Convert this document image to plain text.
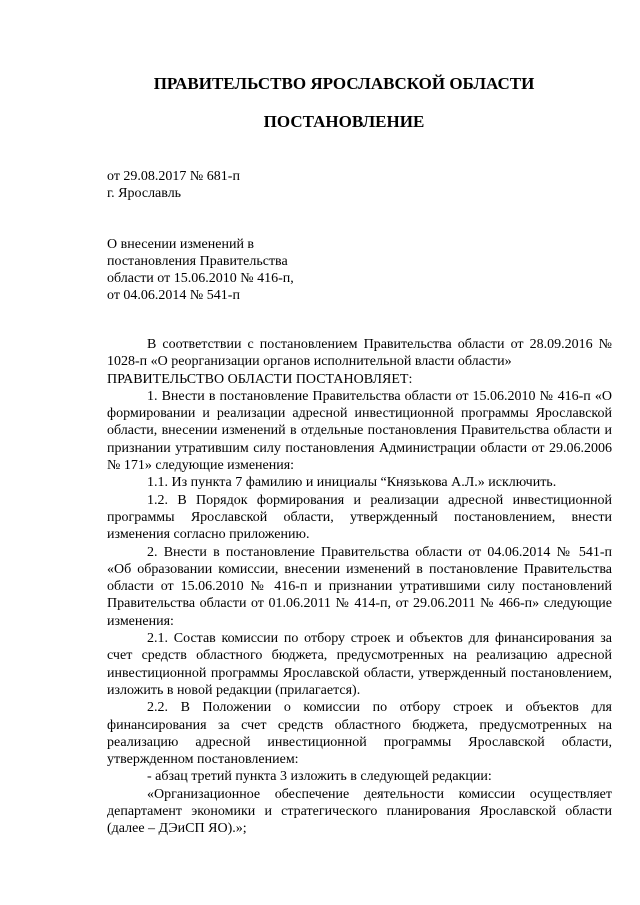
ПРАВИТЕЛЬСТВО ЯРОСЛАВСКОЙ ОБЛАСТИ
ПОСТАНОВЛЕНИЕ
от 29.08.2017 № 681-п
г. Ярославль
О внесении изменений в
постановления Правительства
области от 15.06.2010 № 416-п,
от 04.06.2014 № 541-п

В соответствии с постановлением Правительства области от 28.09.2016 № 1028-п «О реорганизации органов исполнительной власти области»

ПРАВИТЕЛЬСТВО ОБЛАСТИ ПОСТАНОВЛЯЕТ:

1. Внести в постановление Правительства области от 15.06.2010 № 416-п «О формировании и реализации адресной инвестиционной программы Ярославской области, внесении изменений в отдельные постановления Правительства области и признании утратившим силу постановления Администрации области от 29.06.2006 № 171» следующие изменения:

1.1. Из пункта 7 фамилию и инициалы “Князькова А.Л.» исключить.

1.2. В Порядок формирования и реализации адресной инвестиционной программы Ярославской области, утвержденный постановлением, внести изменения согласно приложению.

2. Внести в постановление Правительства области от 04.06.2014 № 541-п «Об образовании комиссии, внесении изменений в постановление Правительства области от 15.06.2010 № 416-п и признании утратившими силу постановлений Правительства области от 01.06.2011 № 414-п, от 29.06.2011 № 466-п» следующие изменения:

2.1. Состав комиссии по отбору строек и объектов для финансирования за счет средств областного бюджета, предусмотренных на реализацию адресной инвестиционной программы Ярославской области, утвержденный постановлением, изложить в новой редакции (прилагается).

2.2. В Положении о комиссии по отбору строек и объектов для финансирования за счет средств областного бюджета, предусмотренных на реализацию адресной инвестиционной программы Ярославской области, утвержденном постановлением:

- абзац третий пункта 3 изложить в следующей редакции:

«Организационное обеспечение деятельности комиссии осуществляет департамент экономики и стратегического планирования Ярославской области (далее – ДЭиСП ЯО).»;
